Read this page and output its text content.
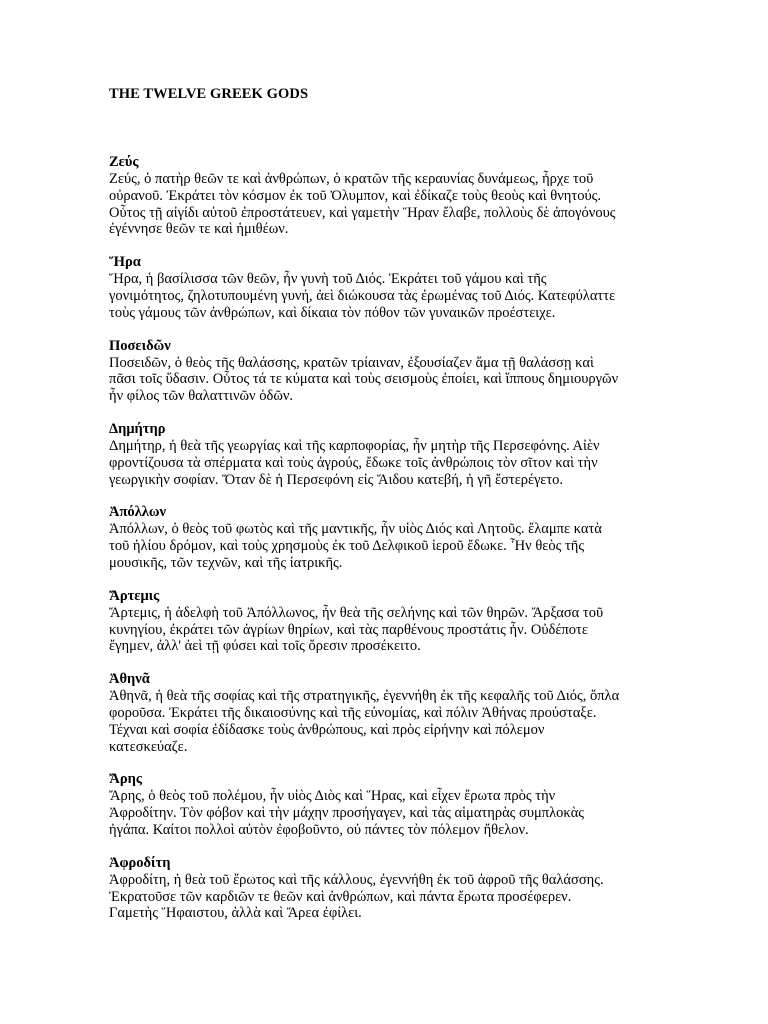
THE TWELVE GREEK GODS

Ζεύς

Ζεύς, ὁ πατὴρ θεῶν τε καὶ ἀνθρώπων, ὁ κρατῶν τῆς κεραυνίας δυνάμεως, ἦρχε τοῦ
οὐρανοῦ. Ἐκράτει τὸν κόσμον ἐκ τοῦ Ὀλυμπον, καὶ ἐδίκαζε τοὺς θεοὺς καὶ θνητούς.
Οὗτος τῇ αἰγίδι αὐτοῦ ἐπροστάτευεν, καὶ γαμετὴν Ἥραν ἔλαβε, πολλοὺς δὲ ἀπογόνους
ἐγέννησε θεῶν τε καὶ ἡμιθέων.

Ἥρα

Ἥρα, ἡ βασίλισσα τῶν θεῶν, ἦν γυνὴ τοῦ Διός. Ἐκράτει τοῦ γάμου καὶ τῆς
γονιμότητος, ζηλοτυπουμένη γυνή, ἀεὶ διώκουσα τὰς ἐρωμένας τοῦ Διός. Κατεφύλαττε
τοὺς γάμους τῶν ἀνθρώπων, καὶ δίκαια τὸν πόθον τῶν γυναικῶν προέστειχε.

Ποσειδῶν

Ποσειδῶν, ὁ θεὸς τῆς θαλάσσης, κρατῶν τρίαιναν, ἐξουσίαζεν ἅμα τῇ θαλάσσῃ καὶ
πᾶσι τοῖς ὕδασιν. Οὗτος τά τε κύματα καὶ τοὺς σεισμοὺς ἐποίει, καὶ ἵππους δημιουργῶν
ἦν φίλος τῶν θαλαττινῶν ὁδῶν.

Δημήτηρ

Δημήτηρ, ἡ θεὰ τῆς γεωργίας καὶ τῆς καρποφορίας, ἦν μητὴρ τῆς Περσεφόνης. Αἰὲν
φροντίζουσα τὰ σπέρματα καὶ τοὺς ἀγρούς, ἔδωκε τοῖς ἀνθρώποις τὸν σῖτον καὶ τὴν
γεωργικὴν σοφίαν. Ὅταν δὲ ἡ Περσεφόνη εἰς Ἅιδου κατεβή, ἡ γῆ ἔστερέγετο.

Ἀπόλλων

Ἀπόλλων, ὁ θεὸς τοῦ φωτὸς καὶ τῆς μαντικῆς, ἦν υἱὸς Διός καὶ Λητοῦς. ἔλαμπε κατὰ
τοῦ ἡλίου δρόμον, καὶ τοὺς χρησμοὺς ἐκ τοῦ Δελφικοῦ ἱεροῦ ἔδωκε. Ἦν θεὸς τῆς
μουσικῆς, τῶν τεχνῶν, καὶ τῆς ἰατρικῆς.

Ἄρτεμις

Ἄρτεμις, ἡ ἀδελφὴ τοῦ Ἀπόλλωνος, ἦν θεὰ τῆς σελήνης καὶ τῶν θηρῶν. Ἄρξασα τοῦ
κυνηγίου, ἐκράτει τῶν ἀγρίων θηρίων, καὶ τὰς παρθένους προστάτις ἦν. Οὐδέποτε
ἔγημεν, ἀλλ' ἀεὶ τῇ φύσει καὶ τοῖς ὄρεσιν προσέκειτο.

Ἀθηνᾶ

Ἀθηνᾶ, ἡ θεὰ τῆς σοφίας καὶ τῆς στρατηγικῆς, ἐγεννήθη ἐκ τῆς κεφαλῆς τοῦ Διός, ὅπλα
φοροῦσα. Ἐκράτει τῆς δικαιοσύνης καὶ τῆς εὐνομίας, καὶ πόλιν Ἀθήνας προύσταξε.
Τέχναι καὶ σοφία ἐδίδασκε τοὺς ἀνθρώπους, καὶ πρὸς εἰρήνην καὶ πόλεμον
κατεσκεύαζε.

Ἄρης

Ἄρης, ὁ θεὸς τοῦ πολέμου, ἦν υἱὸς Διὸς καὶ Ἥρας, καὶ εἶχεν ἔρωτα πρὸς τὴν
Ἀφροδίτην. Τὸν φόβον καὶ τὴν μάχην προσήγαγεν, καὶ τὰς αἱματηρὰς συμπλοκὰς
ἠγάπα. Καίτοι πολλοὶ αὐτὸν ἐφοβοῦντο, οὐ πάντες τὸν πόλεμον ἤθελον.

Ἀφροδίτη

Ἀφροδίτη, ἡ θεὰ τοῦ ἔρωτος καὶ τῆς κάλλους, ἐγεννήθη ἐκ τοῦ ἀφροῦ τῆς θαλάσσης.
Ἐκρατοῦσε τῶν καρδιῶν τε θεῶν καὶ ἀνθρώπων, καὶ πάντα ἔρωτα προσέφερεν.
Γαμετὴς Ἥφαιστου, ἀλλὰ καὶ Ἄρεα ἐφίλει.
